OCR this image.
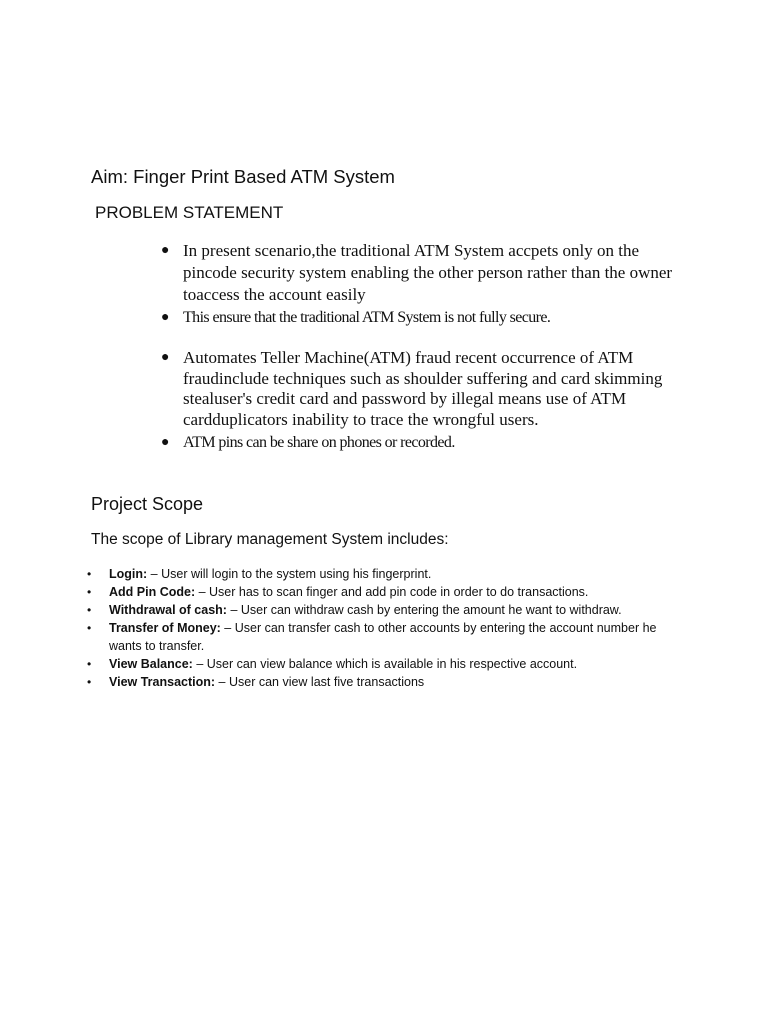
Aim: Finger Print Based ATM System
PROBLEM STATEMENT
● In present scenario,the traditional ATM System accpets only on the pincode security system enabling the other person rather than the owner toaccess the account easily
● This ensure that the traditional ATM System is not fully secure.
● Automates Teller Machine(ATM) fraud recent occurrence of ATM fraudinclude techniques such as shoulder suffering and card skimming stealuser's credit card and password by illegal means use of ATM cardduplicators inability to trace the wrongful users.
● ATM pins can be share on phones or recorded.
Project Scope
The scope of Library management System includes:
• Login: – User will login to the system using his fingerprint.
• Add Pin Code: – User has to scan finger and add pin code in order to do transactions.
• Withdrawal of cash: – User can withdraw cash by entering the amount he want to withdraw.
• Transfer of Money: – User can transfer cash to other accounts by entering the account number he wants to transfer.
• View Balance: – User can view balance which is available in his respective account.
• View Transaction: – User can view last five transactions
